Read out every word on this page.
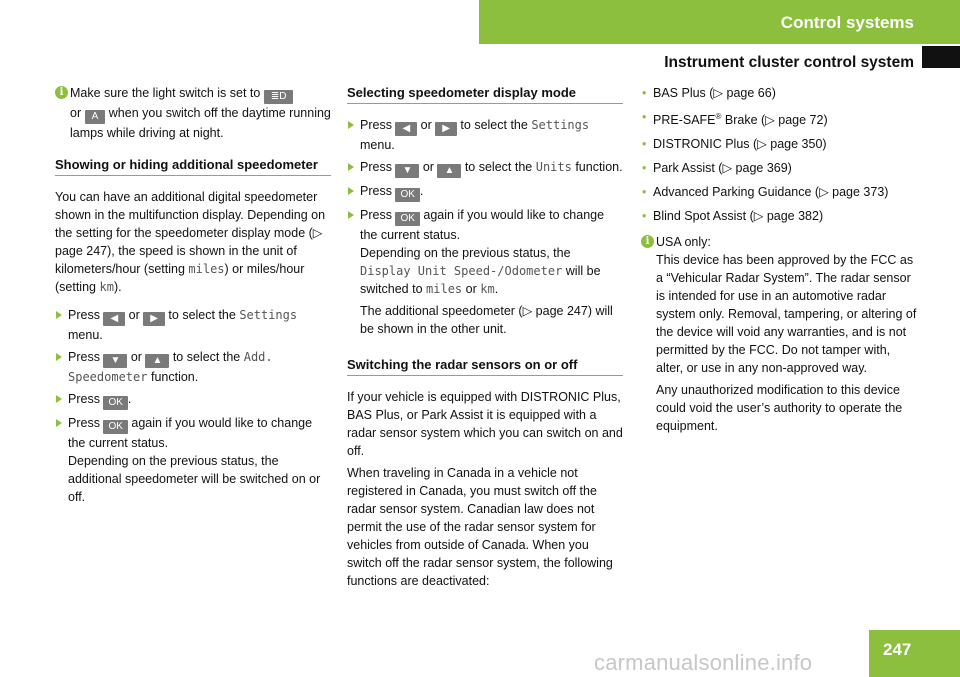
Control systems
Instrument cluster control system
i Make sure the light switch is set to ≣D
or A when you switch off the daytime running lamps while driving at night.
Showing or hiding additional speedometer

You can have an additional digital speedometer shown in the multifunction display. Depending on the setting for the speedometer display mode (▷ page 247), the speed is shown in the unit of kilometers/hour (setting miles) or miles/hour (setting km).

Press ◀ or ▶ to select the Settings menu.
Press ▼ or ▲ to select the Add. Speedometer function.
Press OK .
Press OK again if you would like to change the current status.
Depending on the previous status, the additional speedometer will be switched on or off.
Selecting speedometer display mode
Press ◀ or ▶ to select the Settings menu.
Press ▼ or ▲ to select the Units function.
Press OK .
Press OK again if you would like to change the current status.
Depending on the previous status, the
Display Unit Speed-/Odometer will be switched to miles or km.
The additional speedometer (▷ page 247) will be shown in the other unit.
Switching the radar sensors on or off

If your vehicle is equipped with DISTRONIC Plus, BAS Plus, or Park Assist it is equipped with a radar sensor system which you can switch on and off.

When traveling in Canada in a vehicle not registered in Canada, you must switch off the radar sensor system. Canadian law does not permit the use of the radar sensor system for vehicles from outside of Canada. When you switch off the radar sensor system, the following functions are deactivated:

• BAS Plus (▷ page 66)
• PRE-SAFE® Brake (▷ page 72)
• DISTRONIC Plus (▷ page 350)
• Park Assist (▷ page 369)
• Advanced Parking Guidance (▷ page 373)
• Blind Spot Assist (▷ page 382)
i USA only:
This device has been approved by the FCC as a “Vehicular Radar System”. The radar sensor is intended for use in an automotive radar system only. Removal, tampering, or altering of the device will void any warranties, and is not permitted by the FCC. Do not tamper with, alter, or use in any non-approved way.
Any unauthorized modification to this device could void the user’s authority to operate the equipment.
247
carmanualsonline.info
